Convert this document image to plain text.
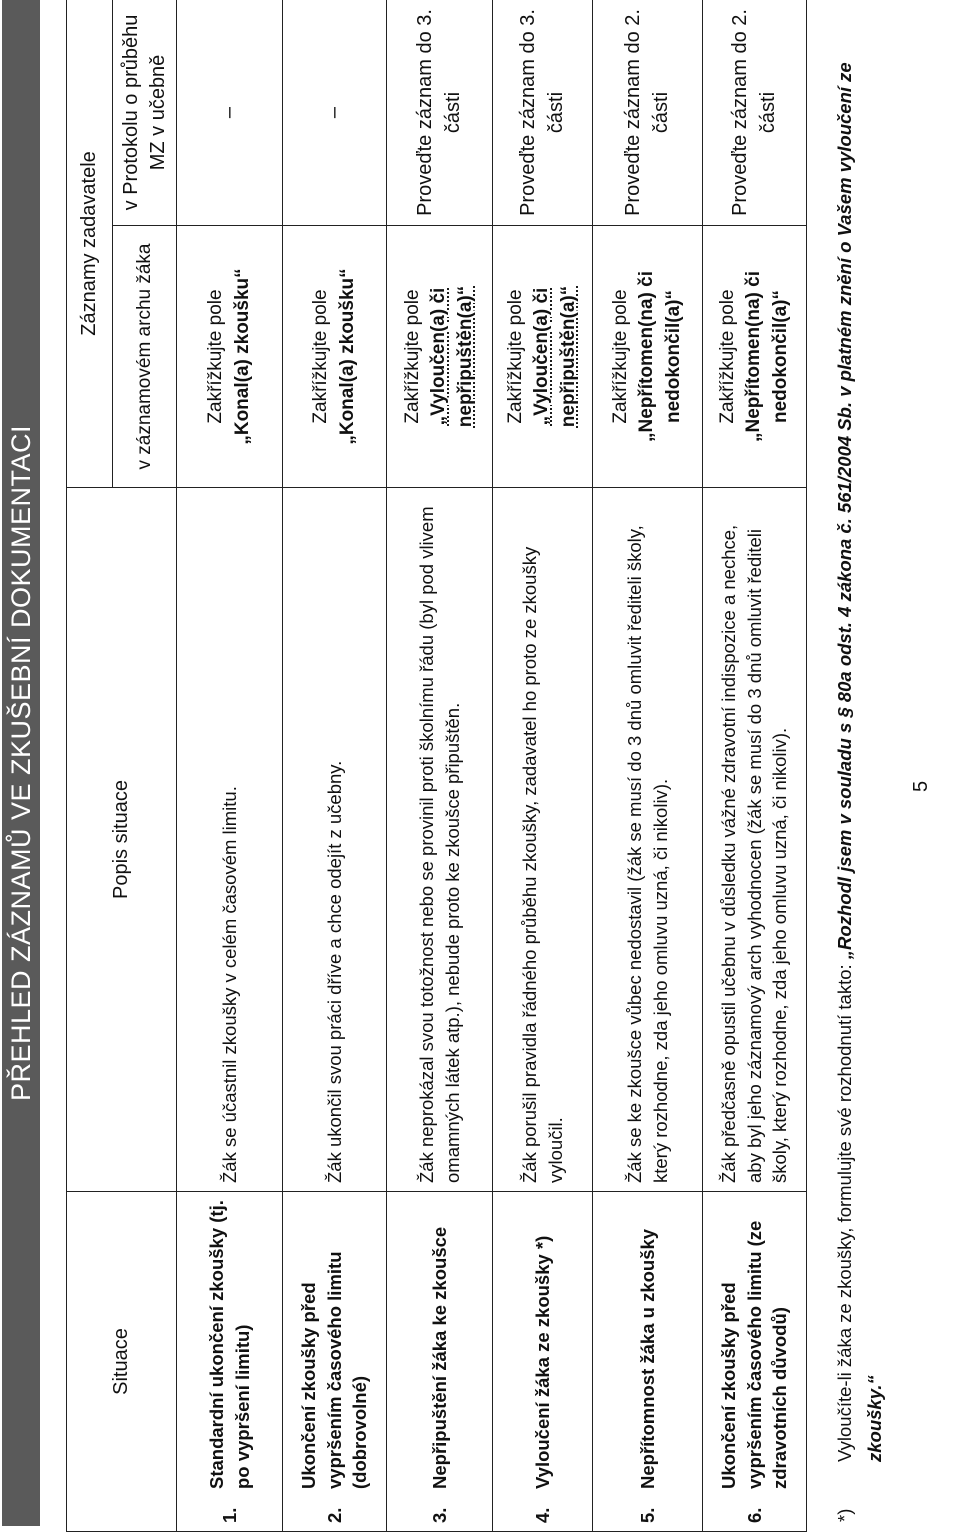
PŘEHLED ZÁZNAMŮ VE ZKUŠEBNÍ DOKUMENTACI
Situace	Popis situace	Záznamy zadavatele	
		v záznamovém archu žáka	v Protokolu o průběhu MZ v učebně

1.
Standardní ukončení zkoušky (tj. po vypršení limitu)	Žák se účastnil zkoušky v celém časovém limitu.	Zakřížkujte pole „Konal(a) zkoušku“	–

2.
Ukončení zkoušky před vypršením časového limitu (dobrovolné)	Žák ukončil svou práci dříve a chce odejít z učebny.	Zakřížkujte pole „Konal(a) zkoušku“	–

3.
Nepřipuštění žáka ke zkoušce	Žák neprokázal svou totožnost nebo se provinil proti školnímu řádu (byl pod vlivem omamných látek atp.), nebude proto ke zkoušce připuštěn.	Zakřížkujte pole „Vyloučen(a) či nepřipuštěn(a)“	Proveďte záznam do 3. části

4.
Vyloučení žáka ze zkoušky *)	Žák porušil pravidla řádného průběhu zkoušky, zadavatel ho proto ze zkoušky vyloučil.	Zakřížkujte pole „Vyloučen(a) či nepřipuštěn(a)“	Proveďte záznam do 3. části

5.
Nepřítomnost žáka u zkoušky	Žák se ke zkoušce vůbec nedostavil (žák se musí do 3 dnů omluvit řediteli školy, který rozhodne, zda jeho omluvu uzná, či nikoliv).	Zakřížkujte pole „Nepřítomen(na) či nedokončil(a)“	Proveďte záznam do 2. části

6.
Ukončení zkoušky před vypršením časového limitu (ze zdravotních důvodů)	Žák předčasně opustil učebnu v důsledku vážné zdravotní indispozice a nechce, aby byl jeho záznamový arch vyhodnocen (žák se musí do 3 dnů omluvit řediteli školy, který rozhodne, zda jeho omluvu uzná, či nikoliv).	Zakřížkujte pole „Nepřítomen(na) či nedokončil(a)“	Proveďte záznam do 2. části
*)
Vyloučíte-li žáka ze zkoušky, formulujte své rozhodnutí takto: „Rozhodl jsem v souladu s § 80a odst. 4 zákona č. 561/2004 Sb. v platném znění o Vašem vyloučení ze zkoušky.“
5
